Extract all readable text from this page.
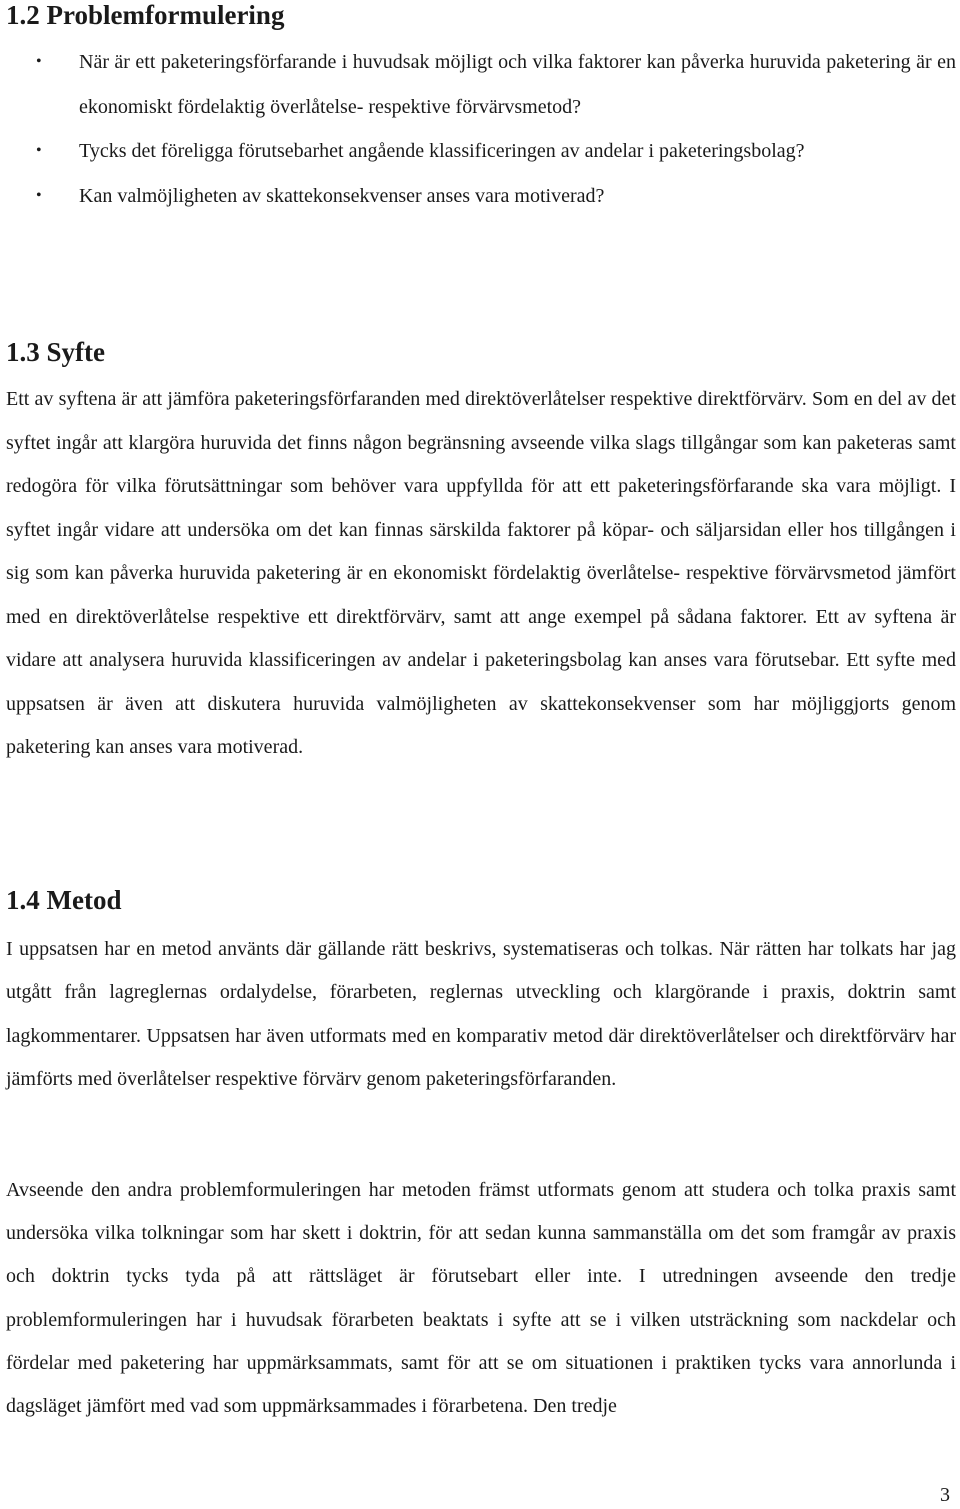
1.2 Problemformulering
• När är ett paketeringsförfarande i huvudsak möjligt och vilka faktorer kan påverka huruvida paketering är en ekonomiskt fördelaktig överlåtelse- respektive förvärvsmetod?
• Tycks det föreligga förutsebarhet angående klassificeringen av andelar i paketeringsbolag?
• Kan valmöjligheten av skattekonsekvenser anses vara motiverad?
1.3 Syfte

Ett av syftena är att jämföra paketeringsförfaranden med direktöverlåtelser respektive direktförvärv. Som en del av det syftet ingår att klargöra huruvida det finns någon begränsning avseende vilka slags tillgångar som kan paketeras samt redogöra för vilka förutsättningar som behöver vara uppfyllda för att ett paketeringsförfarande ska vara möjligt. I syftet ingår vidare att undersöka om det kan finnas särskilda faktorer på köpar- och säljarsidan eller hos tillgången i sig som kan påverka huruvida paketering är en ekonomiskt fördelaktig överlåtelse- respektive förvärvsmetod jämfört med en direktöverlåtelse respektive ett direktförvärv, samt att ange exempel på sådana faktorer. Ett av syftena är vidare att analysera huruvida klassificeringen av andelar i paketeringsbolag kan anses vara förutsebar. Ett syfte med uppsatsen är även att diskutera huruvida valmöjligheten av skattekonsekvenser som har möjliggjorts genom paketering kan anses vara motiverad.

1.4 Metod

I uppsatsen har en metod använts där gällande rätt beskrivs, systematiseras och tolkas. När rätten har tolkats har jag utgått från lagreglernas ordalydelse, förarbeten, reglernas utveckling och klargörande i praxis, doktrin samt lagkommentarer. Uppsatsen har även utformats med en komparativ metod där direktöverlåtelser och direktförvärv har jämförts med överlåtelser respektive förvärv genom paketeringsförfaranden.

Avseende den andra problemformuleringen har metoden främst utformats genom att studera och tolka praxis samt undersöka vilka tolkningar som har skett i doktrin, för att sedan kunna sammanställa om det som framgår av praxis och doktrin tycks tyda på att rättsläget är förutsebart eller inte. I utredningen avseende den tredje problemformuleringen har i huvudsak förarbeten beaktats i syfte att se i vilken utsträckning som nackdelar och fördelar med paketering har uppmärksammats, samt för att se om situationen i praktiken tycks vara annorlunda i dagsläget jämfört med vad som uppmärksammades i förarbetena. Den tredje

3
